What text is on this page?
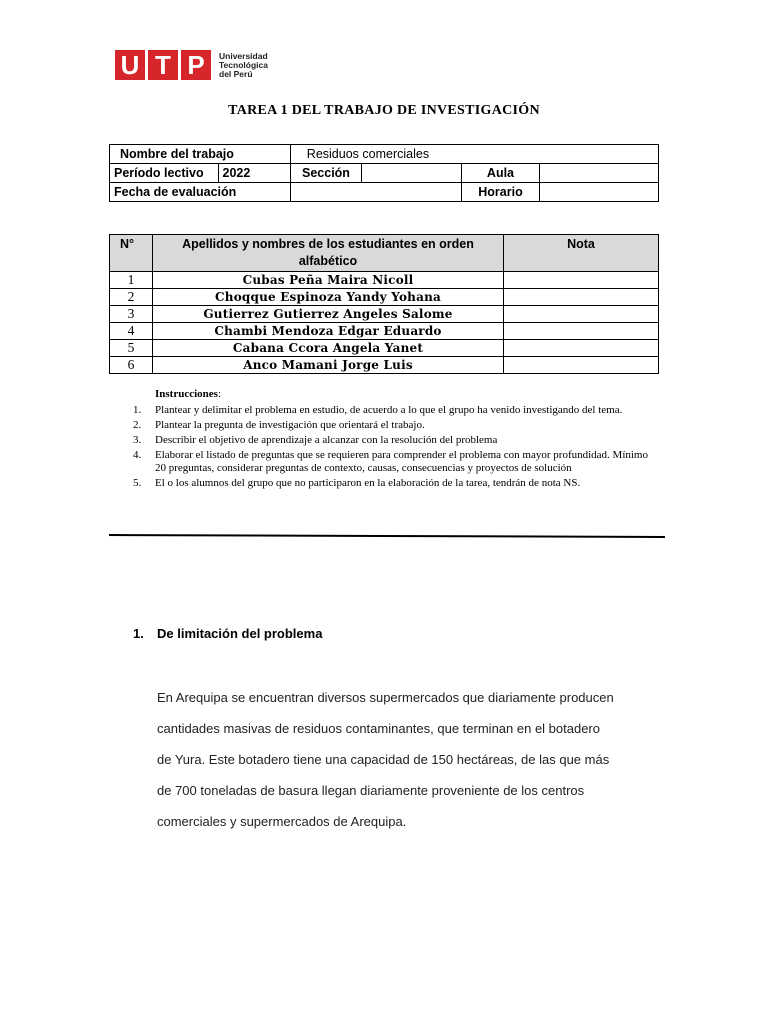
U T P	Universidad
Tecnológica
del Perú
TAREA 1 DEL TRABAJO DE INVESTIGACIÓN
Nombre del trabajo		Residuos comerciales			
Período lectivo	2022	Sección		Aula	
Fecha de evaluación				Horario	
N°	Apellidos y nombres de los estudiantes en orden alfabético	Nota
1	Cubas Peña Maira Nicoll	
2	Choqque Espinoza Yandy Yohana	
3	Gutierrez Gutierrez Angeles Salome	
4	Chambi Mendoza Edgar Eduardo	
5	Cabana Ccora Angela Yanet	
6	Anco Mamani Jorge Luis	
Instrucciones:
1.	Plantear y delimitar el problema en estudio, de acuerdo a lo que el grupo ha venido investigando del tema.
2.	Plantear la pregunta de investigación que orientará el trabajo.
3.	Describir el objetivo de aprendizaje a alcanzar con la resolución del problema
4.	Elaborar el listado de preguntas que se requieren para comprender el problema con mayor profundidad. Mínimo 20 preguntas, considerar preguntas de contexto, causas, consecuencias y proyectos de solución
5.	El o los alumnos del grupo que no participaron en la elaboración de la tarea, tendrán de nota NS.
1. De limitación del problema
En Arequipa se encuentran diversos supermercados que diariamente producen
cantidades masivas de residuos contaminantes, que terminan en el botadero
de Yura. Este botadero tiene una capacidad de 150 hectáreas, de las que más
de 700 toneladas de basura llegan diariamente proveniente de los centros
comerciales y supermercados de Arequipa.
